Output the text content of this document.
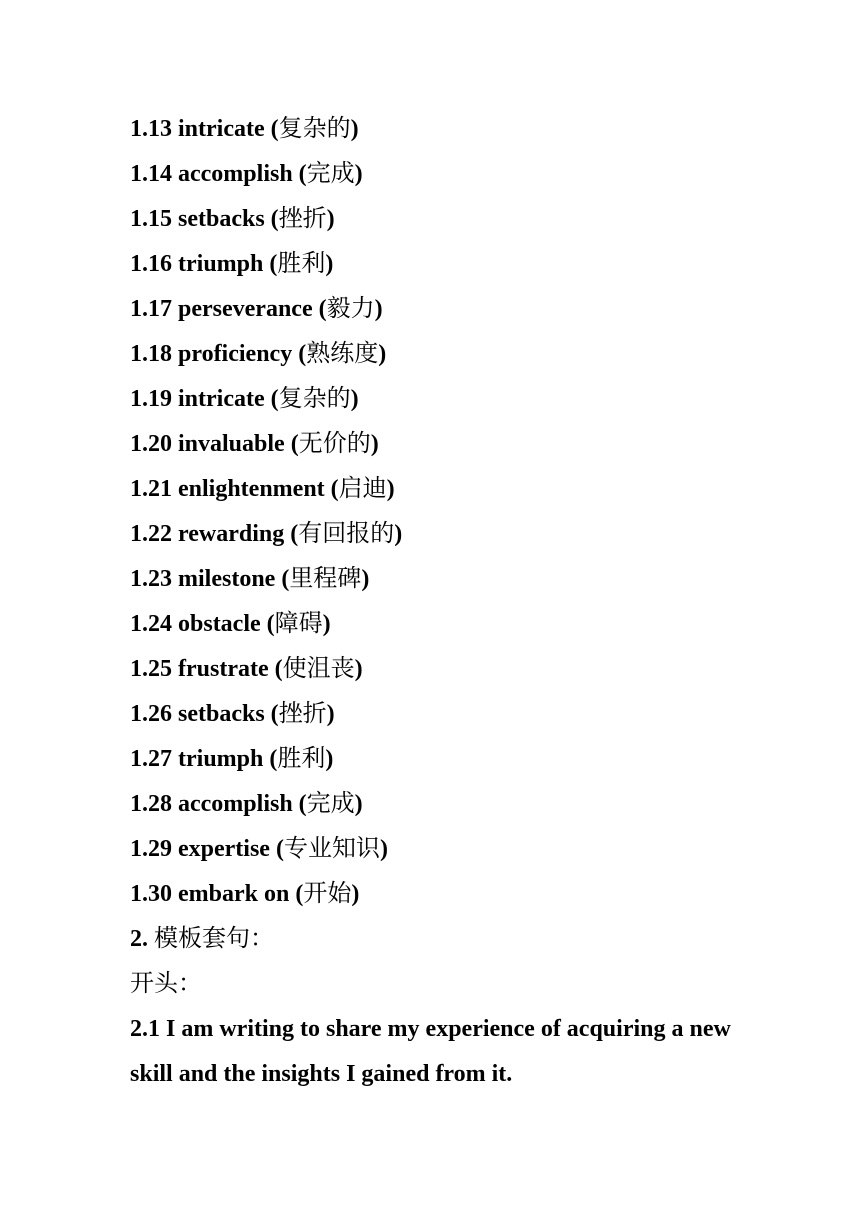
1.13 intricate (复杂的)
1.14 accomplish (完成)
1.15 setbacks (挫折)
1.16 triumph (胜利)
1.17 perseverance (毅力)
1.18 proficiency (熟练度)
1.19 intricate (复杂的)
1.20 invaluable (无价的)
1.21 enlightenment (启迪)
1.22 rewarding (有回报的)
1.23 milestone (里程碑)
1.24 obstacle (障碍)
1.25 frustrate (使沮丧)
1.26 setbacks (挫折)
1.27 triumph (胜利)
1.28 accomplish (完成)
1.29 expertise (专业知识)
1.30 embark on (开始)
2. 模板套句：
开头：
2.1 I am writing to share my experience of acquiring a new skill and the insights I gained from it.
